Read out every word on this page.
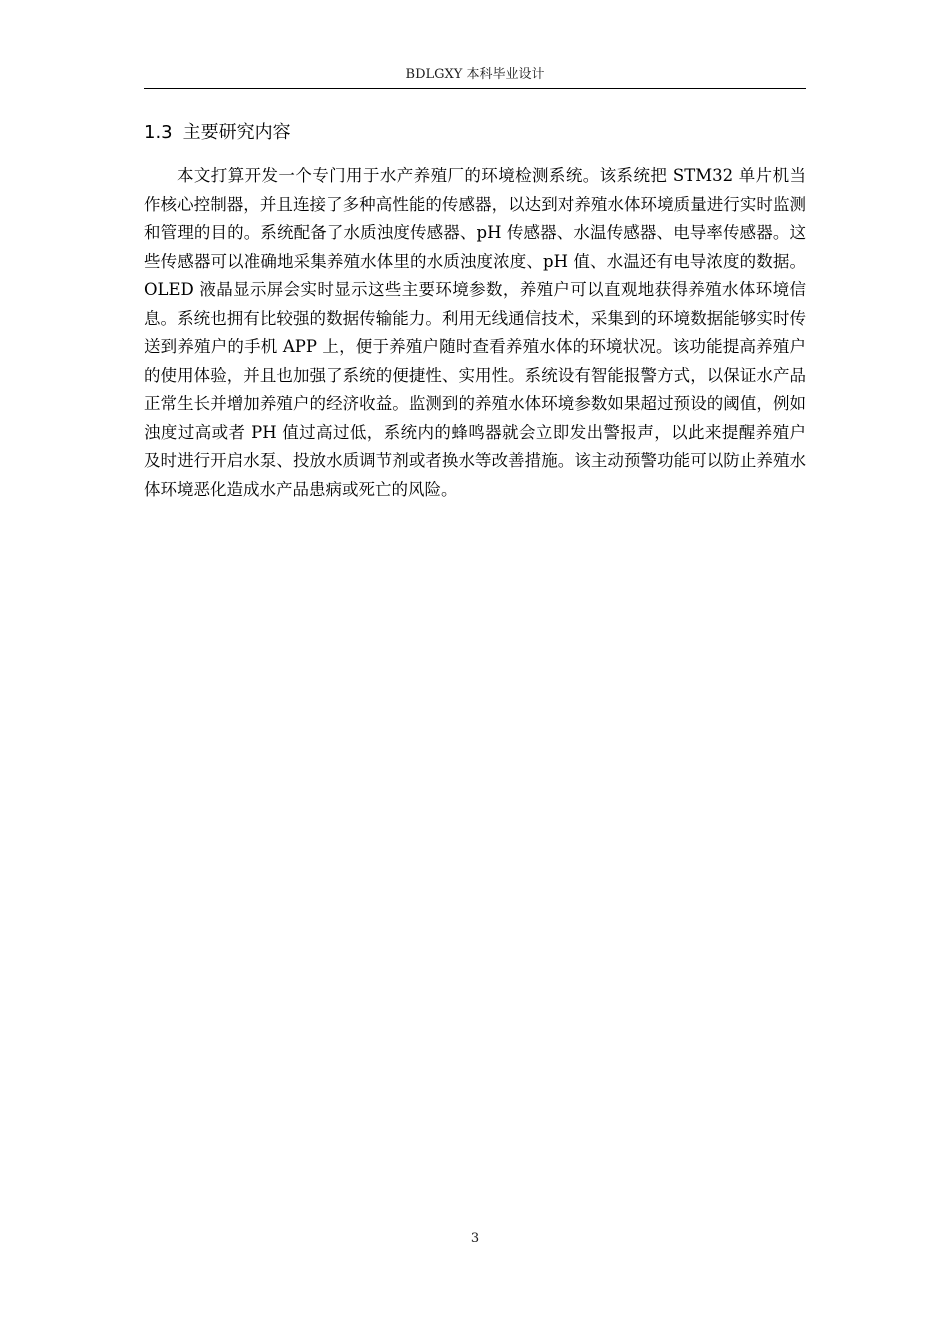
BDLGXY 本科毕业设计
1.3 主要研究内容

本文打算开发一个专门用于水产养殖厂的环境检测系统。该系统把 STM32 单片机当作核心控制器，并且连接了多种高性能的传感器，以达到对养殖水体环境质量进行实时监测和管理的目的。系统配备了水质浊度传感器、pH 传感器、水温传感器、电导率传感器。这些传感器可以准确地采集养殖水体里的水质浊度浓度、pH 值、水温还有电导浓度的数据。OLED 液晶显示屏会实时显示这些主要环境参数，养殖户可以直观地获得养殖水体环境信息。系统也拥有比较强的数据传输能力。利用无线通信技术，采集到的环境数据能够实时传送到养殖户的手机 APP 上，便于养殖户随时查看养殖水体的环境状况。该功能提高养殖户的使用体验，并且也加强了系统的便捷性、实用性。系统设有智能报警方式，以保证水产品正常生长并增加养殖户的经济收益。监测到的养殖水体环境参数如果超过预设的阈值，例如浊度过高或者 PH 值过高过低，系统内的蜂鸣器就会立即发出警报声，以此来提醒养殖户及时进行开启水泵、投放水质调节剂或者换水等改善措施。该主动预警功能可以防止养殖水体环境恶化造成水产品患病或死亡的风险。

3
